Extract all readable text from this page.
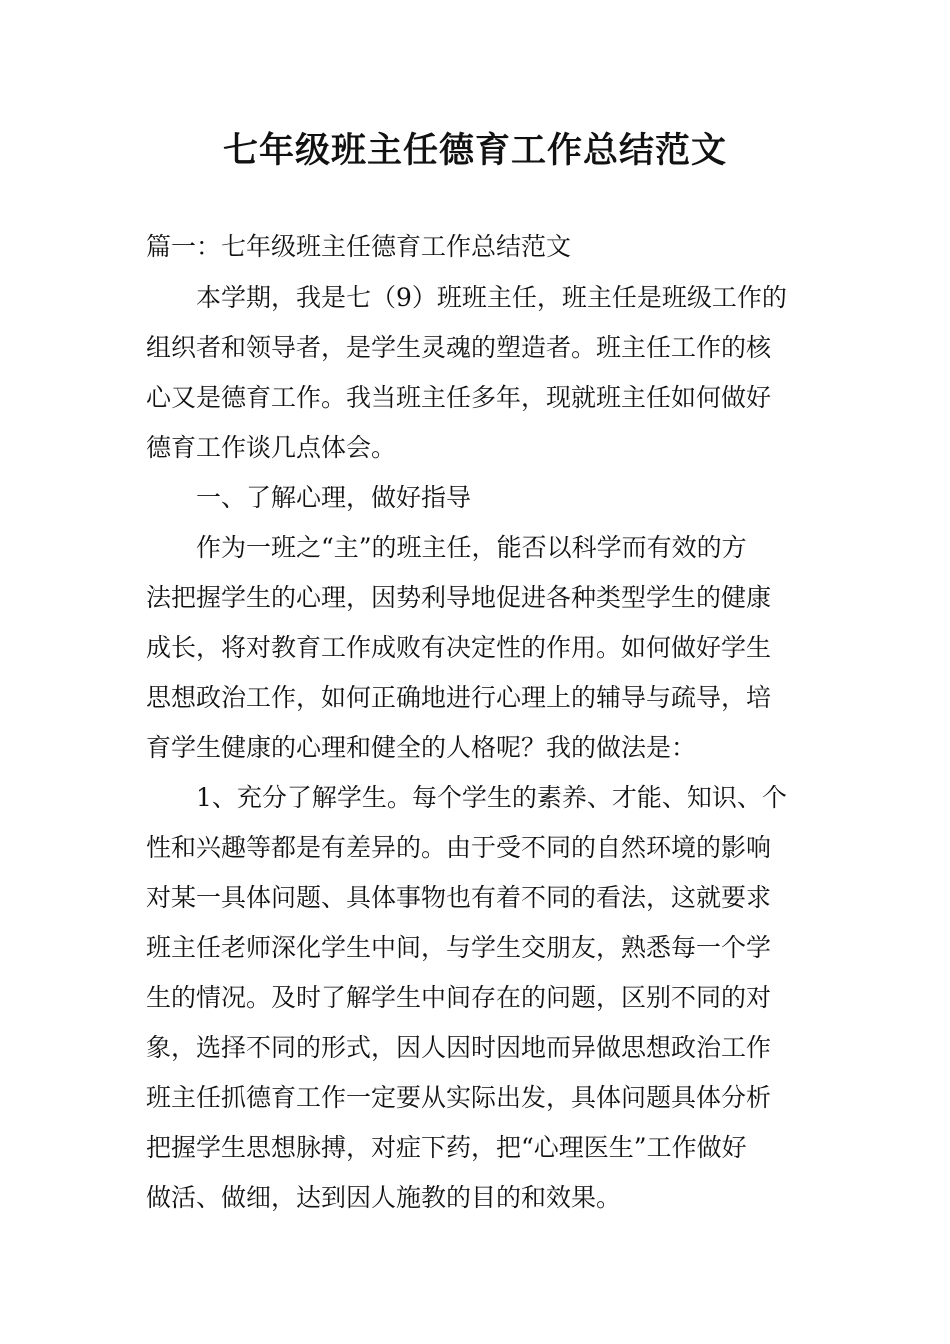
七年级班主任德育工作总结范文
篇一：七年级班主任德育工作总结范文
本学期，我是七（9）班班主任，班主任是班级工作的
组织者和领导者，是学生灵魂的塑造者。班主任工作的核
心又是德育工作。我当班主任多年，现就班主任如何做好
德育工作谈几点体会。
一、了解心理，做好指导
作为一班之“主”的班主任，能否以科学而有效的方
法把握学生的心理，因势利导地促进各种类型学生的健康
成长，将对教育工作成败有决定性的作用。如何做好学生
思想政治工作，如何正确地进行心理上的辅导与疏导，培
育学生健康的心理和健全的人格呢？我的做法是：
1、充分了解学生。每个学生的素养、才能、知识、个
性和兴趣等都是有差异的。由于受不同的自然环境的影响
对某一具体问题、具体事物也有着不同的看法，这就要求
班主任老师深化学生中间，与学生交朋友，熟悉每一个学
生的情况。及时了解学生中间存在的问题，区别不同的对
象，选择不同的形式，因人因时因地而异做思想政治工作
班主任抓德育工作一定要从实际出发，具体问题具体分析
把握学生思想脉搏，对症下药，把“心理医生”工作做好
做活、做细，达到因人施教的目的和效果。
